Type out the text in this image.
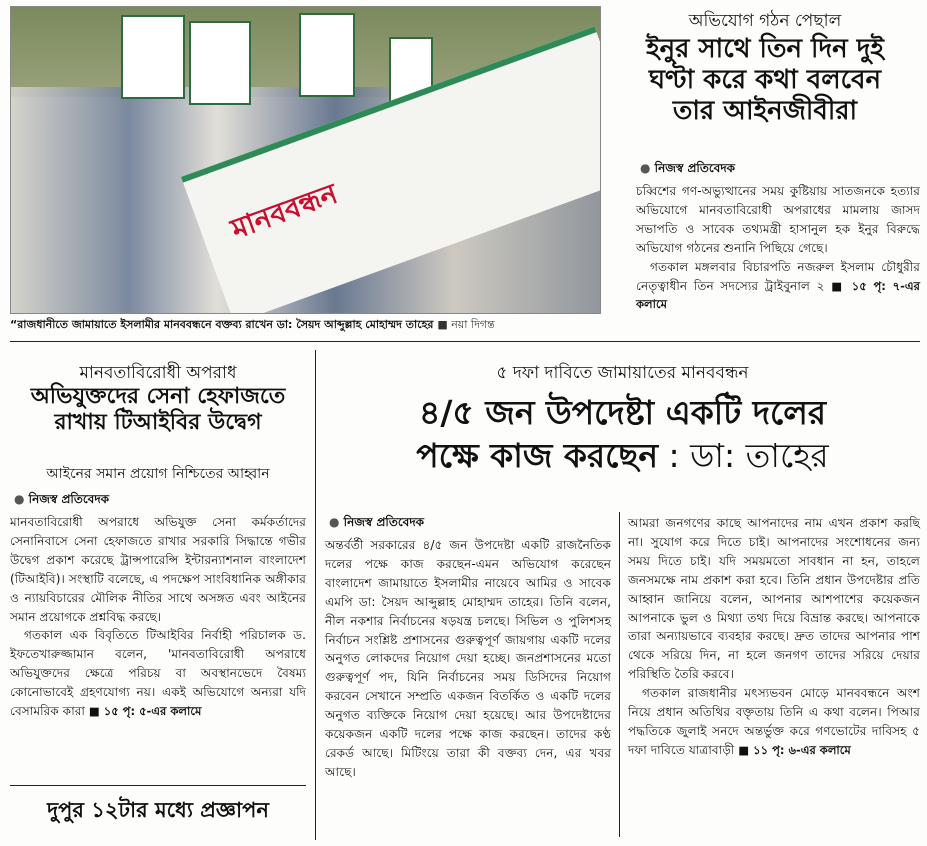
মানববন্ধন
“রাজধানীতে জামায়াতে ইসলামীর মানববন্ধনে বক্তব্য রাখেন ডা: সৈয়দ আব্দুল্লাহ মোহাম্মদ তাহের ■ নয়া দিগন্ত
অভিযোগ গঠন পেছাল
ইনুর সাথে তিন দিন দুই
ঘণ্টা করে কথা বলবেন
তার আইনজীবীরা
● নিজস্ব প্রতিবেদক
চব্বিশের গণ-অভ্যুত্থানের সময় কুষ্টিয়ায় সাতজনকে হত্যার অভিযোগে মানবতাবিরোধী অপরাধের মামলায় জাসদ সভাপতি ও সাবেক তথ্যমন্ত্রী হাসানুল হক ইনুর বিরুদ্ধে অভিযোগ গঠনের শুনানি পিছিয়ে গেছে।
গতকাল মঙ্গলবার বিচারপতি নজরুল ইসলাম চৌধুরীর নেতৃত্বাধীন তিন সদস্যের ট্রাইবুনাল ২ ■ ১৫ পৃ: ৭-এর কলামে
মানবতাবিরোধী অপরাধ
অভিযুক্তদের সেনা হেফাজতে
রাখায় টিআইবির উদ্বেগ
আইনের সমান প্রয়োগ নিশ্চিতের আহ্বান
● নিজস্ব প্রতিবেদক
মানবতাবিরোধী অপরাধে অভিযুক্ত সেনা কর্মকর্তাদের সেনানিবাসে সেনা হেফাজতে রাখার সরকারি সিদ্ধান্তে গভীর উদ্বেগ প্রকাশ করেছে ট্রান্সপারেন্সি ইন্টারন্যাশনাল বাংলাদেশ (টিআইবি)। সংস্থাটি বলেছে, এ পদক্ষেপ সাংবিধানিক অঙ্গীকার ও ন্যায়বিচারের মৌলিক নীতির সাথে অসঙ্গত এবং আইনের সমান প্রয়োগকে প্রশ্নবিদ্ধ করছে।
গতকাল এক বিবৃতিতে টিআইবির নির্বাহী পরিচালক ড. ইফতেখারুজ্জামান বলেন, 'মানবতাবিরোধী অপরাধে অভিযুক্তদের ক্ষেত্রে পরিচয় বা অবস্থানভেদে বৈষম্য কোনোভাবেই গ্রহণযোগ্য নয়। একই অভিযোগে অন্যরা যদি বেসামরিক কারা ■ ১৫ পৃ: ৫-এর কলামে
দুপুর ১২টার মধ্যে প্রজ্ঞাপন
৫ দফা দাবিতে জামায়াতের মানববন্ধন
৪/৫ জন উপদেষ্টা একটি দলের
পক্ষে কাজ করছেন : ডা: তাহের
● নিজস্ব প্রতিবেদক
অন্তর্বর্তী সরকারের ৪/৫ জন উপদেষ্টা একটি রাজনৈতিক দলের পক্ষে কাজ করছেন-এমন অভিযোগ করেছেন বাংলাদেশ জামায়াতে ইসলামীর নায়েবে আমির ও সাবেক এমপি ডা: সৈয়দ আব্দুল্লাহ মোহাম্মদ তাহের। তিনি বলেন, নীল নকশার নির্বাচনের ষড়যন্ত্র চলছে। সিভিল ও পুলিশসহ নির্বাচন সংশ্লিষ্ট প্রশাসনের গুরুত্বপূর্ণ জায়গায় একটি দলের অনুগত লোকদের নিয়োগ দেয়া হচ্ছে। জনপ্রশাসনের মতো গুরুত্বপূর্ণ পদ, যিনি নির্বাচনের সময় ডিসিদের নিয়োগ করবেন সেখানে সম্প্রতি একজন বিতর্কিত ও একটি দলের অনুগত ব্যক্তিকে নিয়োগ দেয়া হয়েছে। আর উপদেষ্টাদের কয়েকজন একটি দলের পক্ষে কাজ করছেন। তাদের কণ্ঠ রেকর্ড আছে। মিটিংয়ে তারা কী বক্তব্য দেন, এর খবর আছে।
আমরা জনগণের কাছে আপনাদের নাম এখন প্রকাশ করছি না। সুযোগ করে দিতে চাই। আপনাদের সংশোধনের জন্য সময় দিতে চাই। যদি সময়মতো সাবধান না হন, তাহলে জনসমক্ষে নাম প্রকাশ করা হবে। তিনি প্রধান উপদেষ্টার প্রতি আহ্বান জানিয়ে বলেন, আপনার আশপাশের কয়েকজন আপনাকে ভুল ও মিথ্যা তথ্য দিয়ে বিভ্রান্ত করছে। আপনাকে তারা অন্যায়ভাবে ব্যবহার করছে। দ্রুত তাদের আপনার পাশ থেকে সরিয়ে দিন, না হলে জনগণ তাদের সরিয়ে দেয়ার পরিস্থিতি তৈরি করবে।
গতকাল রাজধানীর মৎস্যভবন মোড়ে মানববন্ধনে অংশ নিয়ে প্রধান অতিথির বক্তৃতায় তিনি এ কথা বলেন। পিআর পদ্ধতিকে জুলাই সনদে অন্তর্ভুক্ত করে গণভোটের দাবিসহ ৫ দফা দাবিতে যাত্রাবাড়ী ■ ১১ পৃ: ৬-এর কলামে
